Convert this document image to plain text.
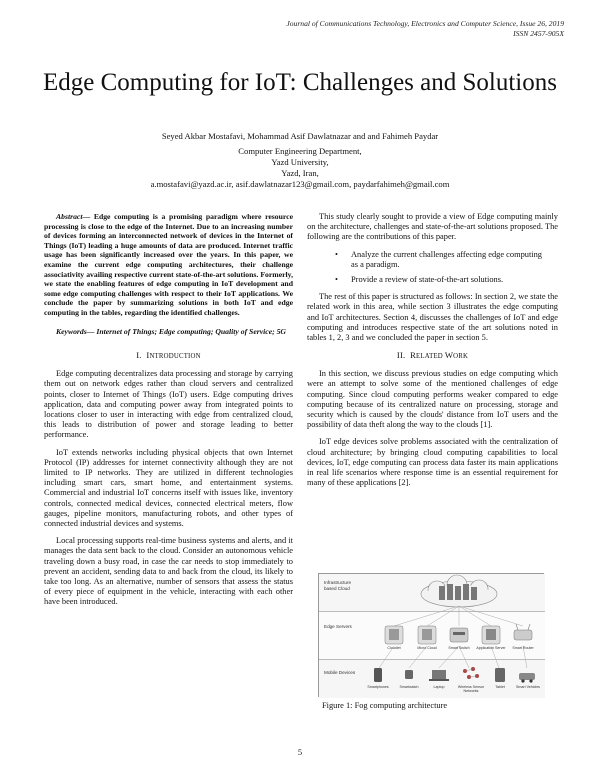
Journal of Communications Technology, Electronics and Computer Science, Issue 26, 2019
ISSN 2457-905X
Edge Computing for IoT: Challenges and Solutions
Seyed Akbar Mostafavi, Mohammad Asif Dawlatnazar and and Fahimeh Paydar
Computer Engineering Department,
Yazd University,
Yazd, Iran,
a.mostafavi@yazd.ac.ir, asif.dawlatnazar123@gmail.com, paydarfahimeh@gmail.com

Abstract— Edge computing is a promising paradigm where resource processing is close to the edge of the Internet. Due to an increasing number of devices forming an interconnected network of devices in the Internet of Things (IoT) leading a huge amounts of data are produced. Internet traffic usage has been significantly increased over the years. In this paper, we examine the current edge computing architectures, their challenge associativity availing respective current state-of-the-art solutions. Formerly, we state the enabling features of edge computing in IoT development and some edge computing challenges with respect to their IoT applications. We conclude the paper by summarizing solutions in both IoT and edge computing in the tables, regarding the identified challenges.

Keywords— Internet of Things; Edge computing; Quality of Service; 5G

I. INTRODUCTION

Edge computing decentralizes data processing and storage by carrying them out on network edges rather than cloud servers and centralized points, closer to Internet of Things (IoT) users. Edge computing drives application, data and computing power away from integrated points to locations closer to user in interacting with edge from centralized cloud, this leads to distribution of power and storage leading to better performance.

IoT extends networks including physical objects that own Internet Protocol (IP) addresses for internet connectivity although they are not limited to IP networks. They are utilized in different technologies including smart cars, smart home, and entertainment systems. Commercial and industrial IoT concerns itself with issues like, inventory controls, connected medical devices, connected electrical meters, flow gauges, pipeline monitors, manufacturing robots, and other types of connected industrial devices and systems.

Local processing supports real-time business systems and alerts, and it manages the data sent back to the cloud. Consider an autonomous vehicle traveling down a busy road, in case the car needs to stop immediately to prevent an accident, sending data to and back from the cloud, its likely to take too long. As an alternative, number of sensors that assess the status of every piece of equipment in the vehicle, interacting with each other have been introduced.

This study clearly sought to provide a view of Edge computing mainly on the architecture, challenges and state-of-the-art solutions proposed. The following are the contributions of this paper.

• Analyze the current challenges affecting edge computing as a paradigm.
• Provide a review of state-of-the-art solutions.

The rest of this paper is structured as follows: In section 2, we state the related work in this area, while section 3 illustrates the edge computing and IoT architectures. Section 4, discusses the challenges of IoT and edge computing and introduces respective state of the art solutions noted in tables 1, 2, 3 and we concluded the paper in section 5.

II. RELATED WORK

In this section, we discuss previous studies on edge computing which were an attempt to solve some of the mentioned challenges of edge computing. Since cloud computing performs weaker compared to edge computing because of its centralized nature on processing, storage and security which is caused by the clouds' distance from IoT users and the possibility of data theft along the way to the clouds [1].

IoT edge devices solve problems associated with the centralization of cloud architecture; by bringing cloud computing capabilities to local devices, IoT, edge computing can process data faster its main applications in real life scenarios where response time is an essential requirement for many of these applications [2].

Infrastructure based Cloud
Edge Servers
Mobile Devices
Cloudlet	Micro Cloud	Smart Switch	Application Server	Smart Router
Smartphones	Smartwatch	Laptop	Wireless Sensor Networks
Tablet	Smart Vehicles
Figure 1: Fog computing architecture
5
